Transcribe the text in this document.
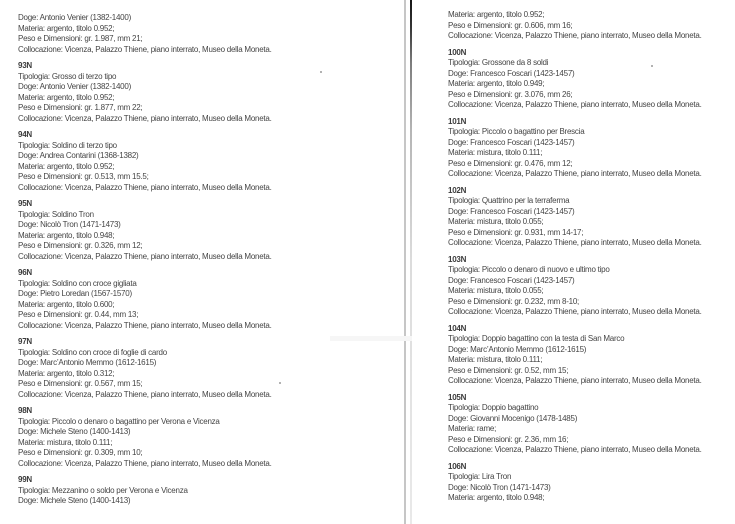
Doge: Antonio Venier (1382-1400)
Materia: argento, titolo 0.952;
Peso e Dimensioni: gr. 1.987, mm 21;
Collocazione: Vicenza, Palazzo Thiene, piano interrato, Museo della Moneta.
93N
Tipologia: Grosso di terzo tipo
Doge: Antonio Venier (1382-1400)
Materia: argento, titolo 0.952;
Peso e Dimensioni: gr. 1.877, mm 22;
Collocazione: Vicenza, Palazzo Thiene, piano interrato, Museo della Moneta.
94N
Tipologia: Soldino di terzo tipo
Doge: Andrea Contarini (1368-1382)
Materia: argento, titolo 0.952;
Peso e Dimensioni: gr. 0.513, mm 15.5;
Collocazione: Vicenza, Palazzo Thiene, piano interrato, Museo della Moneta.
95N
Tipologia: Soldino Tron
Doge: Nicolò Tron (1471-1473)
Materia: argento, titolo 0.948;
Peso e Dimensioni: gr. 0.326, mm 12;
Collocazione: Vicenza, Palazzo Thiene, piano interrato, Museo della Moneta.
96N
Tipologia: Soldino con croce gigliata
Doge: Pietro Loredan (1567-1570)
Materia: argento, titolo 0.600;
Peso e Dimensioni: gr. 0.44, mm 13;
Collocazione: Vicenza, Palazzo Thiene, piano interrato, Museo della Moneta.
97N
Tipologia: Soldino con croce di foglie di cardo
Doge: Marc’Antonio Memmo (1612-1615)
Materia: argento, titolo 0.312;
Peso e Dimensioni: gr. 0.567, mm 15;
Collocazione: Vicenza, Palazzo Thiene, piano interrato, Museo della Moneta.
98N
Tipologia: Piccolo o denaro o bagattino per Verona e Vicenza
Doge: Michele Steno (1400-1413)
Materia: mistura, titolo 0.111;
Peso e Dimensioni: gr. 0.309, mm 10;
Collocazione: Vicenza, Palazzo Thiene, piano interrato, Museo della Moneta.
99N
Tipologia: Mezzanino o soldo per Verona e Vicenza
Doge: Michele Steno (1400-1413)
Materia: argento, titolo 0.952;
Peso e Dimensioni: gr. 0.606, mm 16;
Collocazione: Vicenza, Palazzo Thiene, piano interrato, Museo della Moneta.
100N
Tipologia: Grossone da 8 soldi
Doge: Francesco Foscari (1423-1457)
Materia: argento, titolo 0.949;
Peso e Dimensioni: gr. 3.076, mm 26;
Collocazione: Vicenza, Palazzo Thiene, piano interrato, Museo della Moneta.
101N
Tipologia: Piccolo o bagattino per Brescia
Doge: Francesco Foscari (1423-1457)
Materia: mistura, titolo 0.111;
Peso e Dimensioni: gr. 0.476, mm 12;
Collocazione: Vicenza, Palazzo Thiene, piano interrato, Museo della Moneta.
102N
Tipologia: Quattrino per la terraferma
Doge: Francesco Foscari (1423-1457)
Materia: mistura, titolo 0.055;
Peso e Dimensioni: gr. 0.931, mm 14-17;
Collocazione: Vicenza, Palazzo Thiene, piano interrato, Museo della Moneta.
103N
Tipologia: Piccolo o denaro di nuovo e ultimo tipo
Doge: Francesco Foscari (1423-1457)
Materia: mistura, titolo 0.055;
Peso e Dimensioni: gr. 0.232, mm 8-10;
Collocazione: Vicenza, Palazzo Thiene, piano interrato, Museo della Moneta.
104N
Tipologia: Doppio bagattino con la testa di San Marco
Doge: Marc’Antonio Memmo (1612-1615)
Materia: mistura, titolo 0.111;
Peso e Dimensioni: gr. 0.52, mm 15;
Collocazione: Vicenza, Palazzo Thiene, piano interrato, Museo della Moneta.
105N
Tipologia: Doppio bagattino
Doge: Giovanni Mocenigo (1478-1485)
Materia: rame;
Peso e Dimensioni: gr. 2.36, mm 16;
Collocazione: Vicenza, Palazzo Thiene, piano interrato, Museo della Moneta.
106N
Tipologia: Lira Tron
Doge: Nicolò Tron (1471-1473)
Materia: argento, titolo 0.948;
